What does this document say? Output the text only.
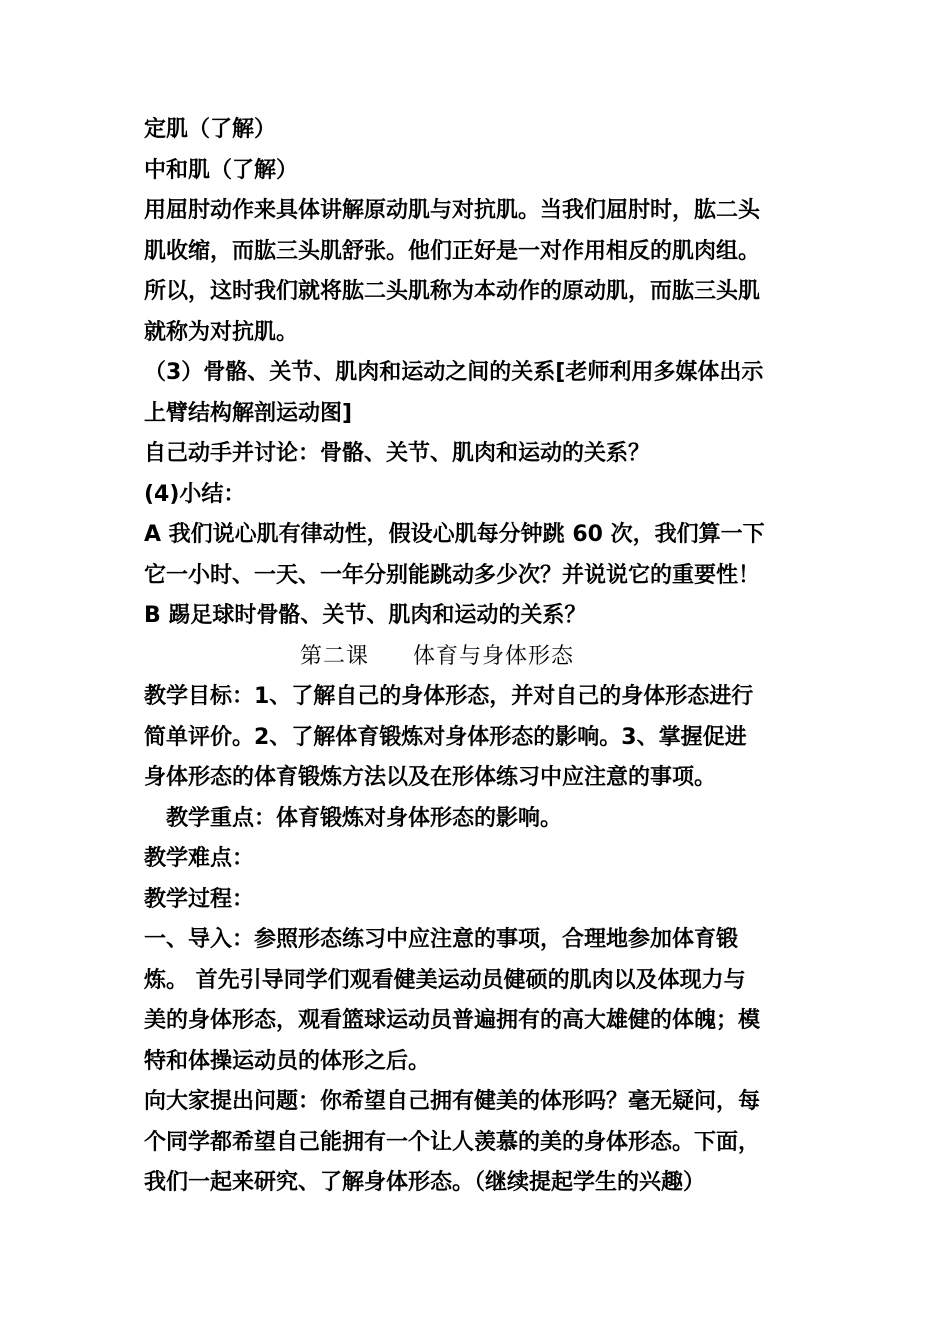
定肌（了解）
中和肌（了解）
用屈肘动作来具体讲解原动肌与对抗肌。当我们屈肘时，肱二头
肌收缩，而肱三头肌舒张。他们正好是一对作用相反的肌肉组。
所以，这时我们就将肱二头肌称为本动作的原动肌，而肱三头肌
就称为对抗肌。
（3）骨骼、关节、肌肉和运动之间的关系[老师利用多媒体出示
上臂结构解剖运动图]
自己动手并讨论：骨骼、关节、肌肉和运动的关系？
(4)小结：
A 我们说心肌有律动性，假设心肌每分钟跳 60 次，我们算一下
它一小时、一天、一年分别能跳动多少次？并说说它的重要性！
B 踢足球时骨骼、关节、肌肉和运动的关系？
第二课 体育与身体形态
教学目标：1、了解自己的身体形态，并对自己的身体形态进行
简单评价。2、了解体育锻炼对身体形态的影响。3、掌握促进
身体形态的体育锻炼方法以及在形体练习中应注意的事项。
教学重点：体育锻炼对身体形态的影响。
教学难点：
教学过程：
一、导入：参照形态练习中应注意的事项，合理地参加体育锻
炼。 首先引导同学们观看健美运动员健硕的肌肉以及体现力与
美的身体形态，观看篮球运动员普遍拥有的高大雄健的体魄；模
特和体操运动员的体形之后。
向大家提出问题：你希望自己拥有健美的体形吗？毫无疑问，每
个同学都希望自己能拥有一个让人羡慕的美的身体形态。下面，
我们一起来研究、了解身体形态。（继续提起学生的兴趣）
